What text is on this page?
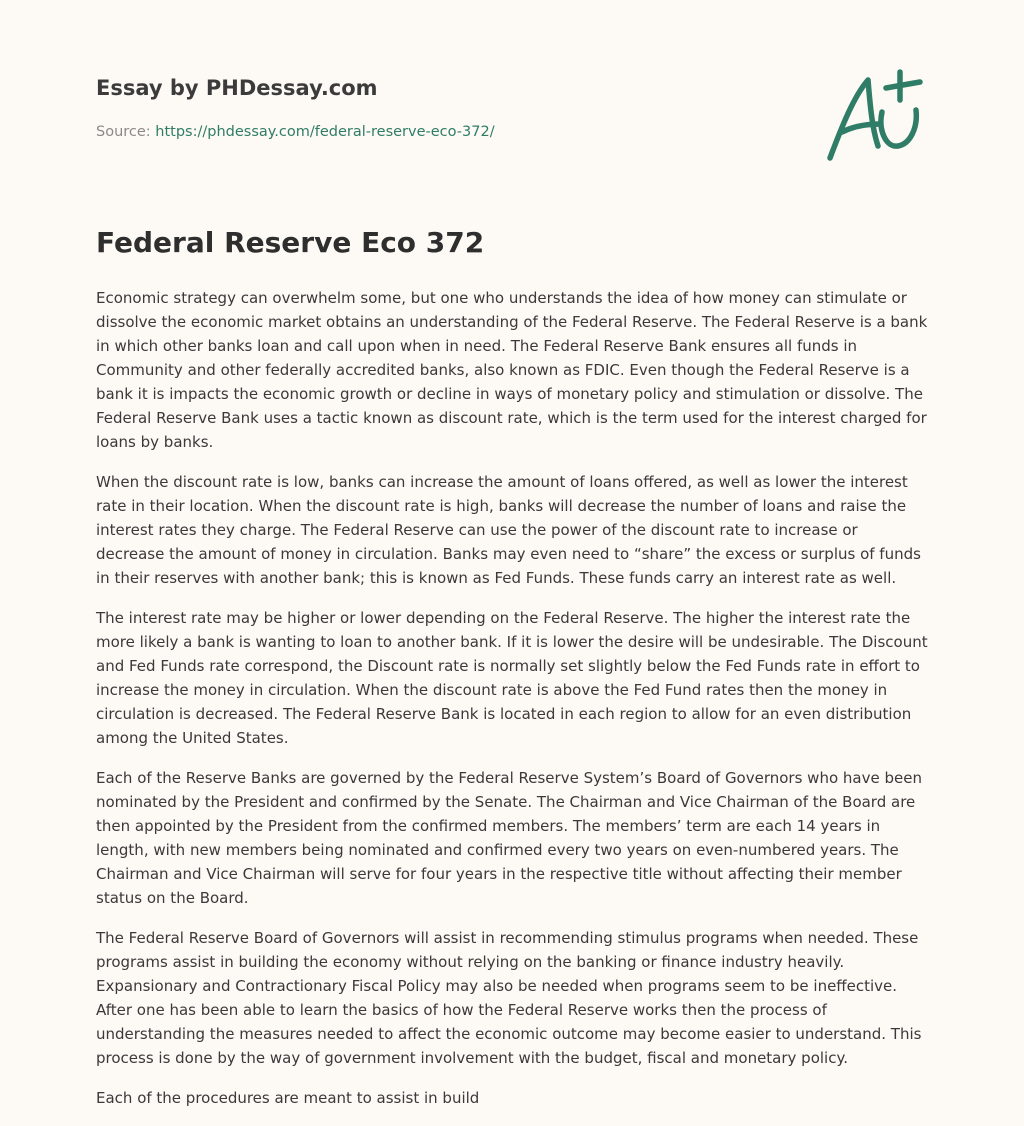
Essay by PHDessay.com
Source: https://phdessay.com/federal-reserve-eco-372/
Federal Reserve Eco 372

Economic strategy can overwhelm some, but one who understands the idea of how money can stimulate or dissolve the economic market obtains an understanding of the Federal Reserve. The Federal Reserve is a bank in which other banks loan and call upon when in need. The Federal Reserve Bank ensures all funds in Community and other federally accredited banks, also known as FDIC. Even though the Federal Reserve is a bank it is impacts the economic growth or decline in ways of monetary policy and stimulation or dissolve. The Federal Reserve Bank uses a tactic known as discount rate, which is the term used for the interest charged for loans by banks.

When the discount rate is low, banks can increase the amount of loans offered, as well as lower the interest rate in their location. When the discount rate is high, banks will decrease the number of loans and raise the interest rates they charge. The Federal Reserve can use the power of the discount rate to increase or decrease the amount of money in circulation. Banks may even need to “share” the excess or surplus of funds in their reserves with another bank; this is known as Fed Funds. These funds carry an interest rate as well.

The interest rate may be higher or lower depending on the Federal Reserve. The higher the interest rate the more likely a bank is wanting to loan to another bank. If it is lower the desire will be undesirable. The Discount and Fed Funds rate correspond, the Discount rate is normally set slightly below the Fed Funds rate in effort to increase the money in circulation. When the discount rate is above the Fed Fund rates then the money in circulation is decreased. The Federal Reserve Bank is located in each region to allow for an even distribution among the United States.

Each of the Reserve Banks are governed by the Federal Reserve System’s Board of Governors who have been nominated by the President and confirmed by the Senate. The Chairman and Vice Chairman of the Board are then appointed by the President from the confirmed members. The members’ term are each 14 years in length, with new members being nominated and confirmed every two years on even-numbered years. The Chairman and Vice Chairman will serve for four years in the respective title without affecting their member status on the Board.

The Federal Reserve Board of Governors will assist in recommending stimulus programs when needed. These programs assist in building the economy without relying on the banking or finance industry heavily. Expansionary and Contractionary Fiscal Policy may also be needed when programs seem to be ineffective. After one has been able to learn the basics of how the Federal Reserve works then the process of understanding the measures needed to affect the economic outcome may become easier to understand. This process is done by the way of government involvement with the budget, fiscal and monetary policy.

Each of the procedures are meant to assist in build
